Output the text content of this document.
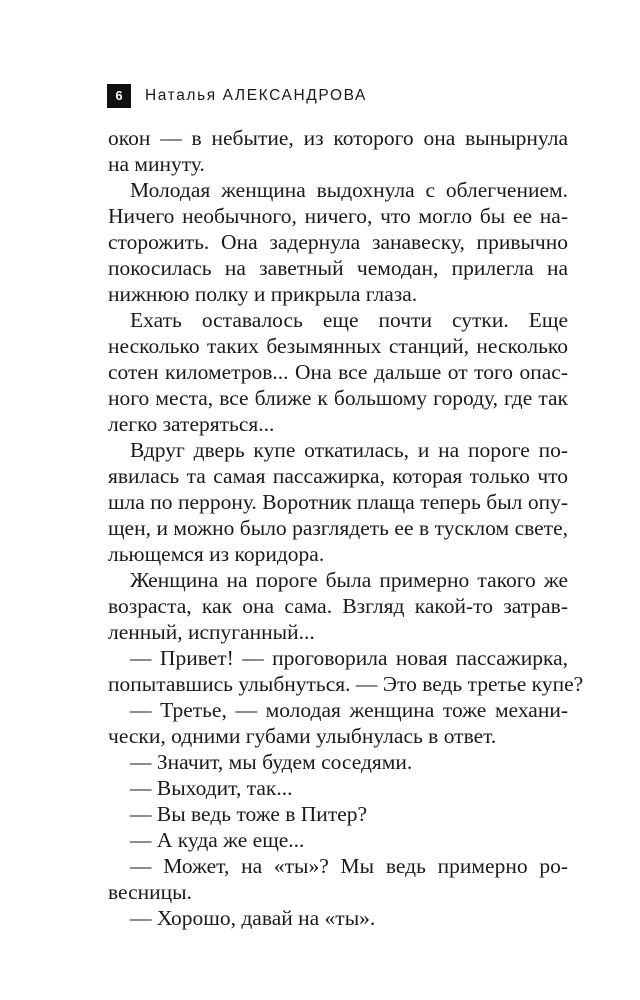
6	Наталья АЛЕКСАНДРОВА
окон — в небытие, из которого она вынырнула
на минуту.
Молодая женщина выдохнула с облегчением.
Ничего необычного, ничего, что могло бы ее на-
сторожить. Она задернула занавеску, привычно
покосилась на заветный чемодан, прилегла на
нижнюю полку и прикрыла глаза.
Ехать оставалось еще почти сутки. Еще
несколько таких безымянных станций, несколько
сотен километров... Она все дальше от того опас-
ного места, все ближе к большому городу, где так
легко затеряться...
Вдруг дверь купе откатилась, и на пороге по-
явилась та самая пассажирка, которая только что
шла по перрону. Воротник плаща теперь был опу-
щен, и можно было разглядеть ее в тусклом свете,
льющемся из коридора.
Женщина на пороге была примерно такого же
возраста, как она сама. Взгляд какой-то затрав-
ленный, испуганный...
— Привет! — проговорила новая пассажирка,
попытавшись улыбнуться. — Это ведь третье купе?
— Третье, — молодая женщина тоже механи-
чески, одними губами улыбнулась в ответ.
— Значит, мы будем соседями.
— Выходит, так...
— Вы ведь тоже в Питер?
— А куда же еще...
— Может, на «ты»? Мы ведь примерно ро-
весницы.
— Хорошо, давай на «ты».
